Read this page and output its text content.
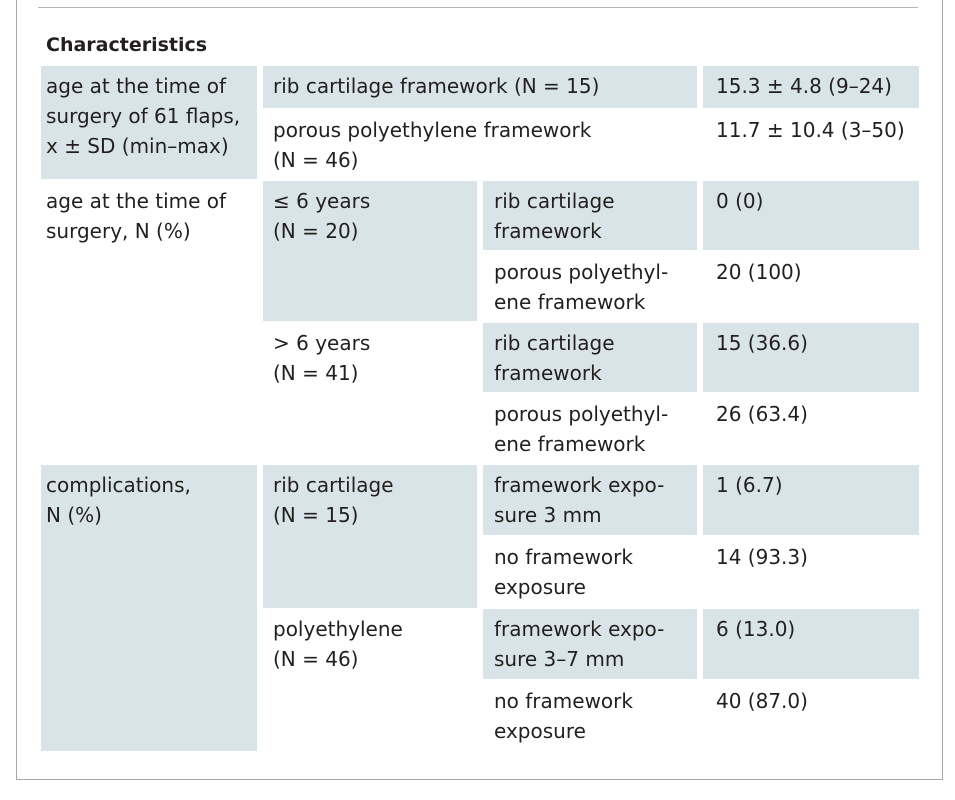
Characteristics
age at the time of
surgery of 61 flaps,
x ± SD (min–max)
rib cartilage framework (N = 15)	15.3 ± 4.8 (9–24)
porous polyethylene framework
(N = 46)
11.7 ± 10.4 (3–50)
age at the time of
surgery, N (%)
≤ 6 years
(N = 20)
rib cartilage
framework
0 (0)
porous polyethyl-
ene framework
20 (100)
> 6 years
(N = 41)
rib cartilage
framework
15 (36.6)
porous polyethyl-
ene framework
26 (63.4)
complications,
N (%)
rib cartilage
(N = 15)
framework expo-
sure 3 mm
1 (6.7)
no framework
exposure
14 (93.3)
polyethylene
(N = 46)
framework expo-
sure 3–7 mm
6 (13.0)
no framework
exposure
40 (87.0)
